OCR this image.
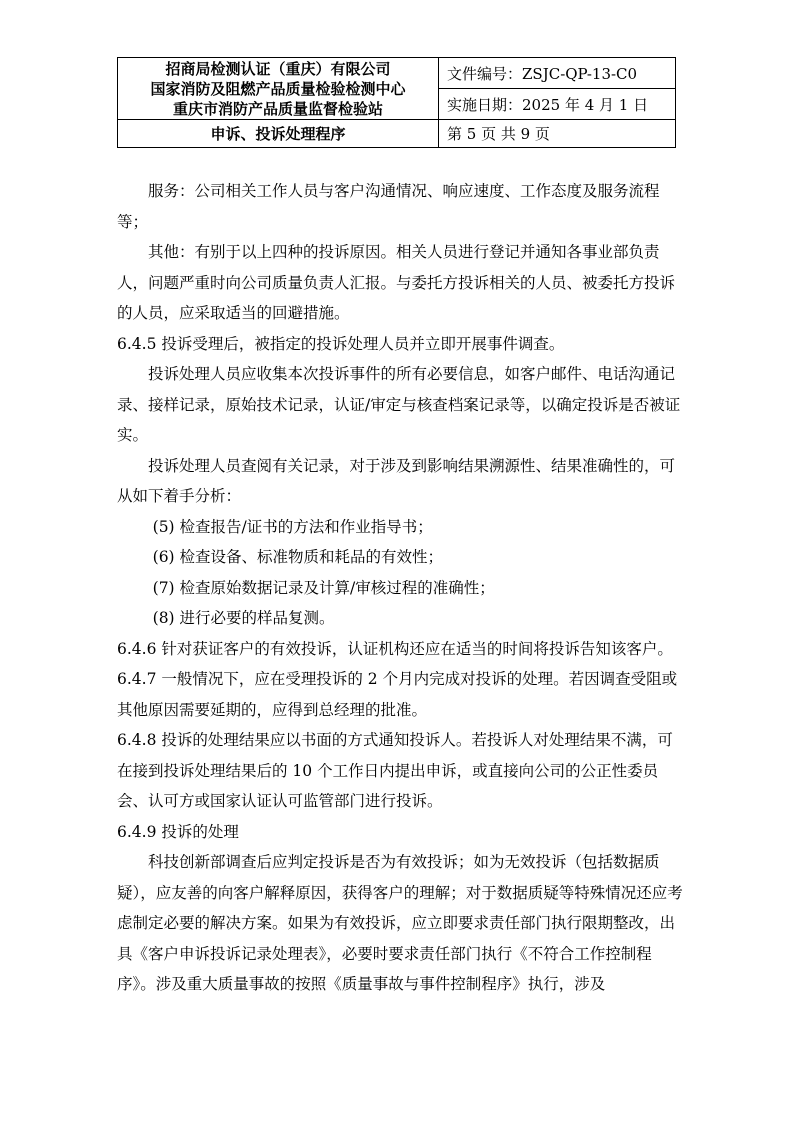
招商局检测认证（重庆）有限公司
国家消防及阻燃产品质量检验检测中心
重庆市消防产品质量监督检验站	文件编号：ZSJC-QP-13-C0
	实施日期：2025 年 4 月 1 日
申诉、投诉处理程序	第 5 页 共 9 页

服务：公司相关工作人员与客户沟通情况、响应速度、工作态度及服务流程等；

其他：有别于以上四种的投诉原因。相关人员进行登记并通知各事业部负责人，问题严重时向公司质量负责人汇报。与委托方投诉相关的人员、被委托方投诉的人员，应采取适当的回避措施。

6.4.5 投诉受理后，被指定的投诉处理人员并立即开展事件调查。

投诉处理人员应收集本次投诉事件的所有必要信息，如客户邮件、电话沟通记录、接样记录，原始技术记录，认证/审定与核查档案记录等，以确定投诉是否被证实。

投诉处理人员查阅有关记录，对于涉及到影响结果溯源性、结果准确性的，可从如下着手分析：

(5) 检查报告/证书的方法和作业指导书；

(6) 检查设备、标准物质和耗品的有效性；

(7) 检查原始数据记录及计算/审核过程的准确性；

(8) 进行必要的样品复测。

6.4.6 针对获证客户的有效投诉，认证机构还应在适当的时间将投诉告知该客户。

6.4.7 一般情况下，应在受理投诉的 2 个月内完成对投诉的处理。若因调查受阻或其他原因需要延期的，应得到总经理的批准。

6.4.8 投诉的处理结果应以书面的方式通知投诉人。若投诉人对处理结果不满，可在接到投诉处理结果后的 10 个工作日内提出申诉，或直接向公司的公正性委员会、认可方或国家认证认可监管部门进行投诉。

6.4.9 投诉的处理

科技创新部调查后应判定投诉是否为有效投诉；如为无效投诉（包括数据质疑），应友善的向客户解释原因，获得客户的理解；对于数据质疑等特殊情况还应考虑制定必要的解决方案。如果为有效投诉，应立即要求责任部门执行限期整改，出具《客户申诉投诉记录处理表》，必要时要求责任部门执行《不符合工作控制程序》。涉及重大质量事故的按照《质量事故与事件控制程序》执行，涉及
